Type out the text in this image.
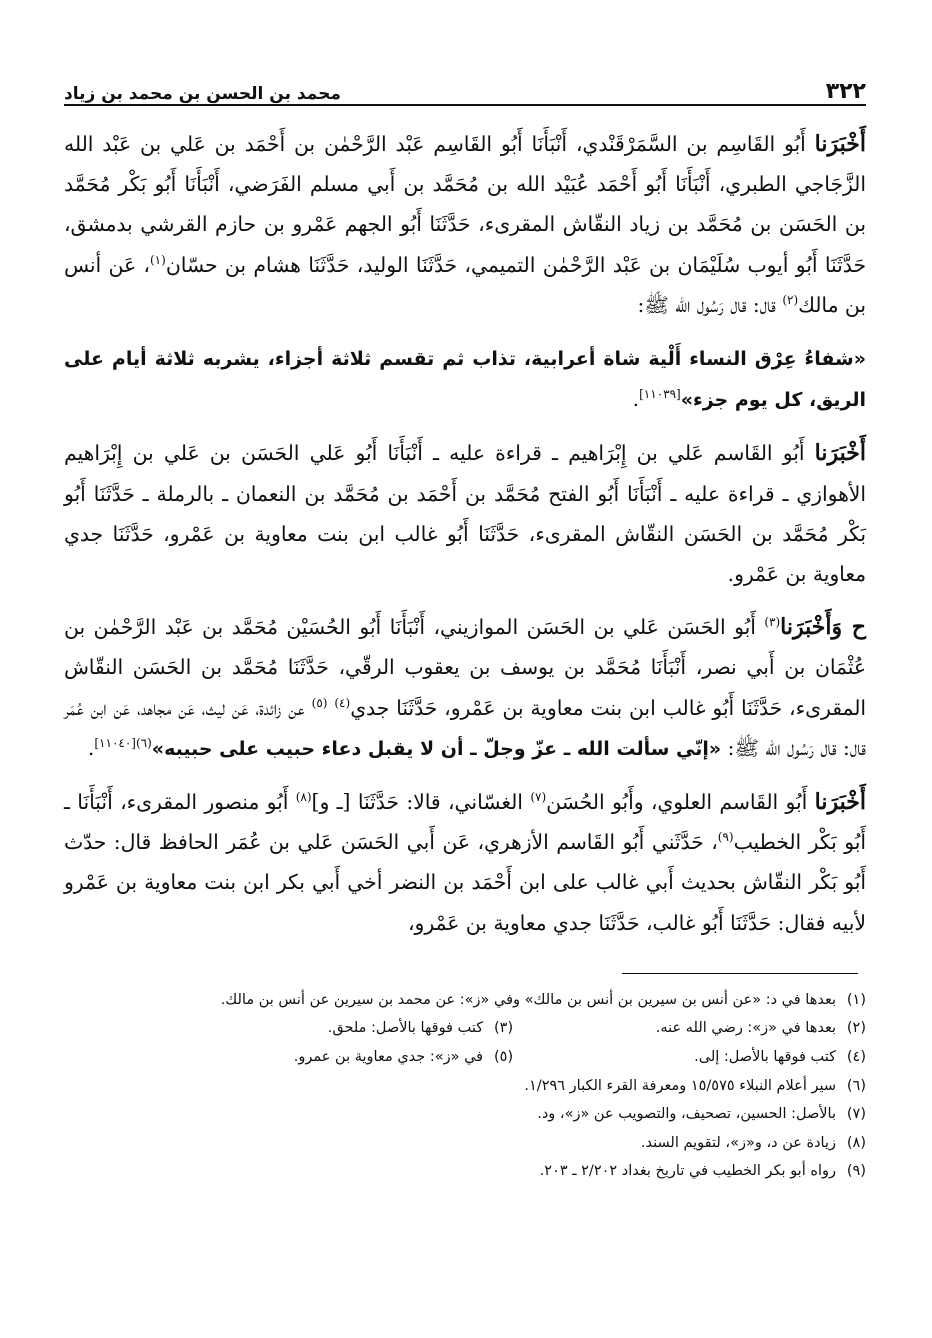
٣٢٢
محمد بن الحسن بن محمد بن زياد

أَخْبَرَنا أَبُو القَاسِم بن السَّمَرْقَنْدي، أَنْبَأَنَا أَبُو القَاسِم عَبْد الرَّحْمٰن بن أَحْمَد بن عَلي بن عَبْد الله الزَّجَاجي الطبري، أَنْبَأَنَا أَبُو أَحْمَد عُبَيْد الله بن مُحَمَّد بن أَبي مسلم الفَرَضي، أَنْبَأَنَا أَبُو بَكْر مُحَمَّد بن الحَسَن بن مُحَمَّد بن زياد النقّاش المقرىء، حَدَّثَنَا أَبُو الجهم عَمْرو بن حازم القرشي بدمشق، حَدَّثَنَا أَبُو أيوب سُلَيْمَان بن عَبْد الرَّحْمٰن التميمي، حَدَّثَنَا الوليد، حَدَّثَنَا هشام بن حسّان$^{(١)}$، عَن أنس بن مالك$^{(٢)}$ قال: قال رَسُول الله ﷺ:

«شفاءُ عِرْق النساء أَلْية شاة أعرابية، تذاب ثم تقسم ثلاثة أجزاء، يشربه ثلاثة أيام على الريق، كل يوم جزء»[١١٠٣٩].

أَخْبَرَنا أَبُو القَاسم عَلي بن إِبْرَاهيم ـ قراءة عليه ـ أَنْبَأَنَا أَبُو عَلي الحَسَن بن عَلي بن إِبْرَاهيم الأهوازي ـ قراءة عليه ـ أَنْبَأَنَا أَبُو الفتح مُحَمَّد بن أَحْمَد بن مُحَمَّد بن النعمان ـ بالرملة ـ حَدَّثَنَا أَبُو بَكْر مُحَمَّد بن الحَسَن النقّاش المقرىء، حَدَّثَنَا أَبُو غالب ابن بنت معاوية بن عَمْرو، حَدَّثَنَا جدي معاوية بن عَمْرو.

ح وَأَخْبَرَنا$^{(٣)}$ أَبُو الحَسَن عَلي بن الحَسَن الموازيني، أَنْبَأَنَا أَبُو الحُسَيْن مُحَمَّد بن عَبْد الرَّحْمٰن بن عُثْمَان بن أَبي نصر، أَنْبَأَنَا مُحَمَّد بن يوسف بن يعقوب الرقّي، حَدَّثَنَا مُحَمَّد بن الحَسَن النقّاش المقرىء، حَدَّثَنَا أَبُو غالب ابن بنت معاوية بن عَمْرو، حَدَّثَنَا جدي$^{(٤)}$ $^{(٥)}$ عن زائدة، عَن ليث، عَن مجاهد، عَن ابن عُمَر قال: قال رَسُول الله ﷺ: «إنّي سألت الله ـ عزّ وجلّ ـ أن لا يقبل دعاء حبيب على حبيبه»$^{(٦)[١١٠٤٠]}$.

أَخْبَرَنا أَبُو القَاسم العلوي، وأَبُو الحُسَن$^{(٧)}$ الغسّاني، قالا: حَدَّثَنَا [ـ و]$^{(٨)}$ أَبُو منصور المقرىء، أَنْبَأَنَا ـ أَبُو بَكْر الخطيب$^{(٩)}$، حَدَّثَني أَبُو القَاسم الأزهري، عَن أَبي الحَسَن عَلي بن عُمَر الحافظ قال: حدّث أَبُو بَكْر النقّاش بحديث أَبي غالب على ابن أَحْمَد بن النضر أخي أَبي بكر ابن بنت معاوية بن عَمْرو لأبيه فقال: حَدَّثَنَا أَبُو غالب، حَدَّثَنَا جدي معاوية بن عَمْرو،

(١)
بعدها في د: «عن أنس بن سيرين بن أنس بن مالك» وفي «ز»: عن محمد بن سيرين عن أنس بن مالك.
(٢)
بعدها في «ز»: رضي الله عنه.
(٣)
كتب فوقها بالأصل: ملحق.
(٤)
كتب فوقها بالأصل: إلى.
(٥)
في «ز»: جدي معاوية بن عمرو.
(٦)
سير أعلام النبلاء ١٥/٥٧٥ ومعرفة القرء الكبار ١/٢٩٦.
(٧)
بالأصل: الحسين، تصحيف، والتصويب عن «ز»، ود.
(٨)
زيادة عن د، و«ز»، لتقويم السند.
(٩)
رواه أبو بكر الخطيب في تاريخ بغداد ٢/٢٠٢ ـ ٢٠٣.
